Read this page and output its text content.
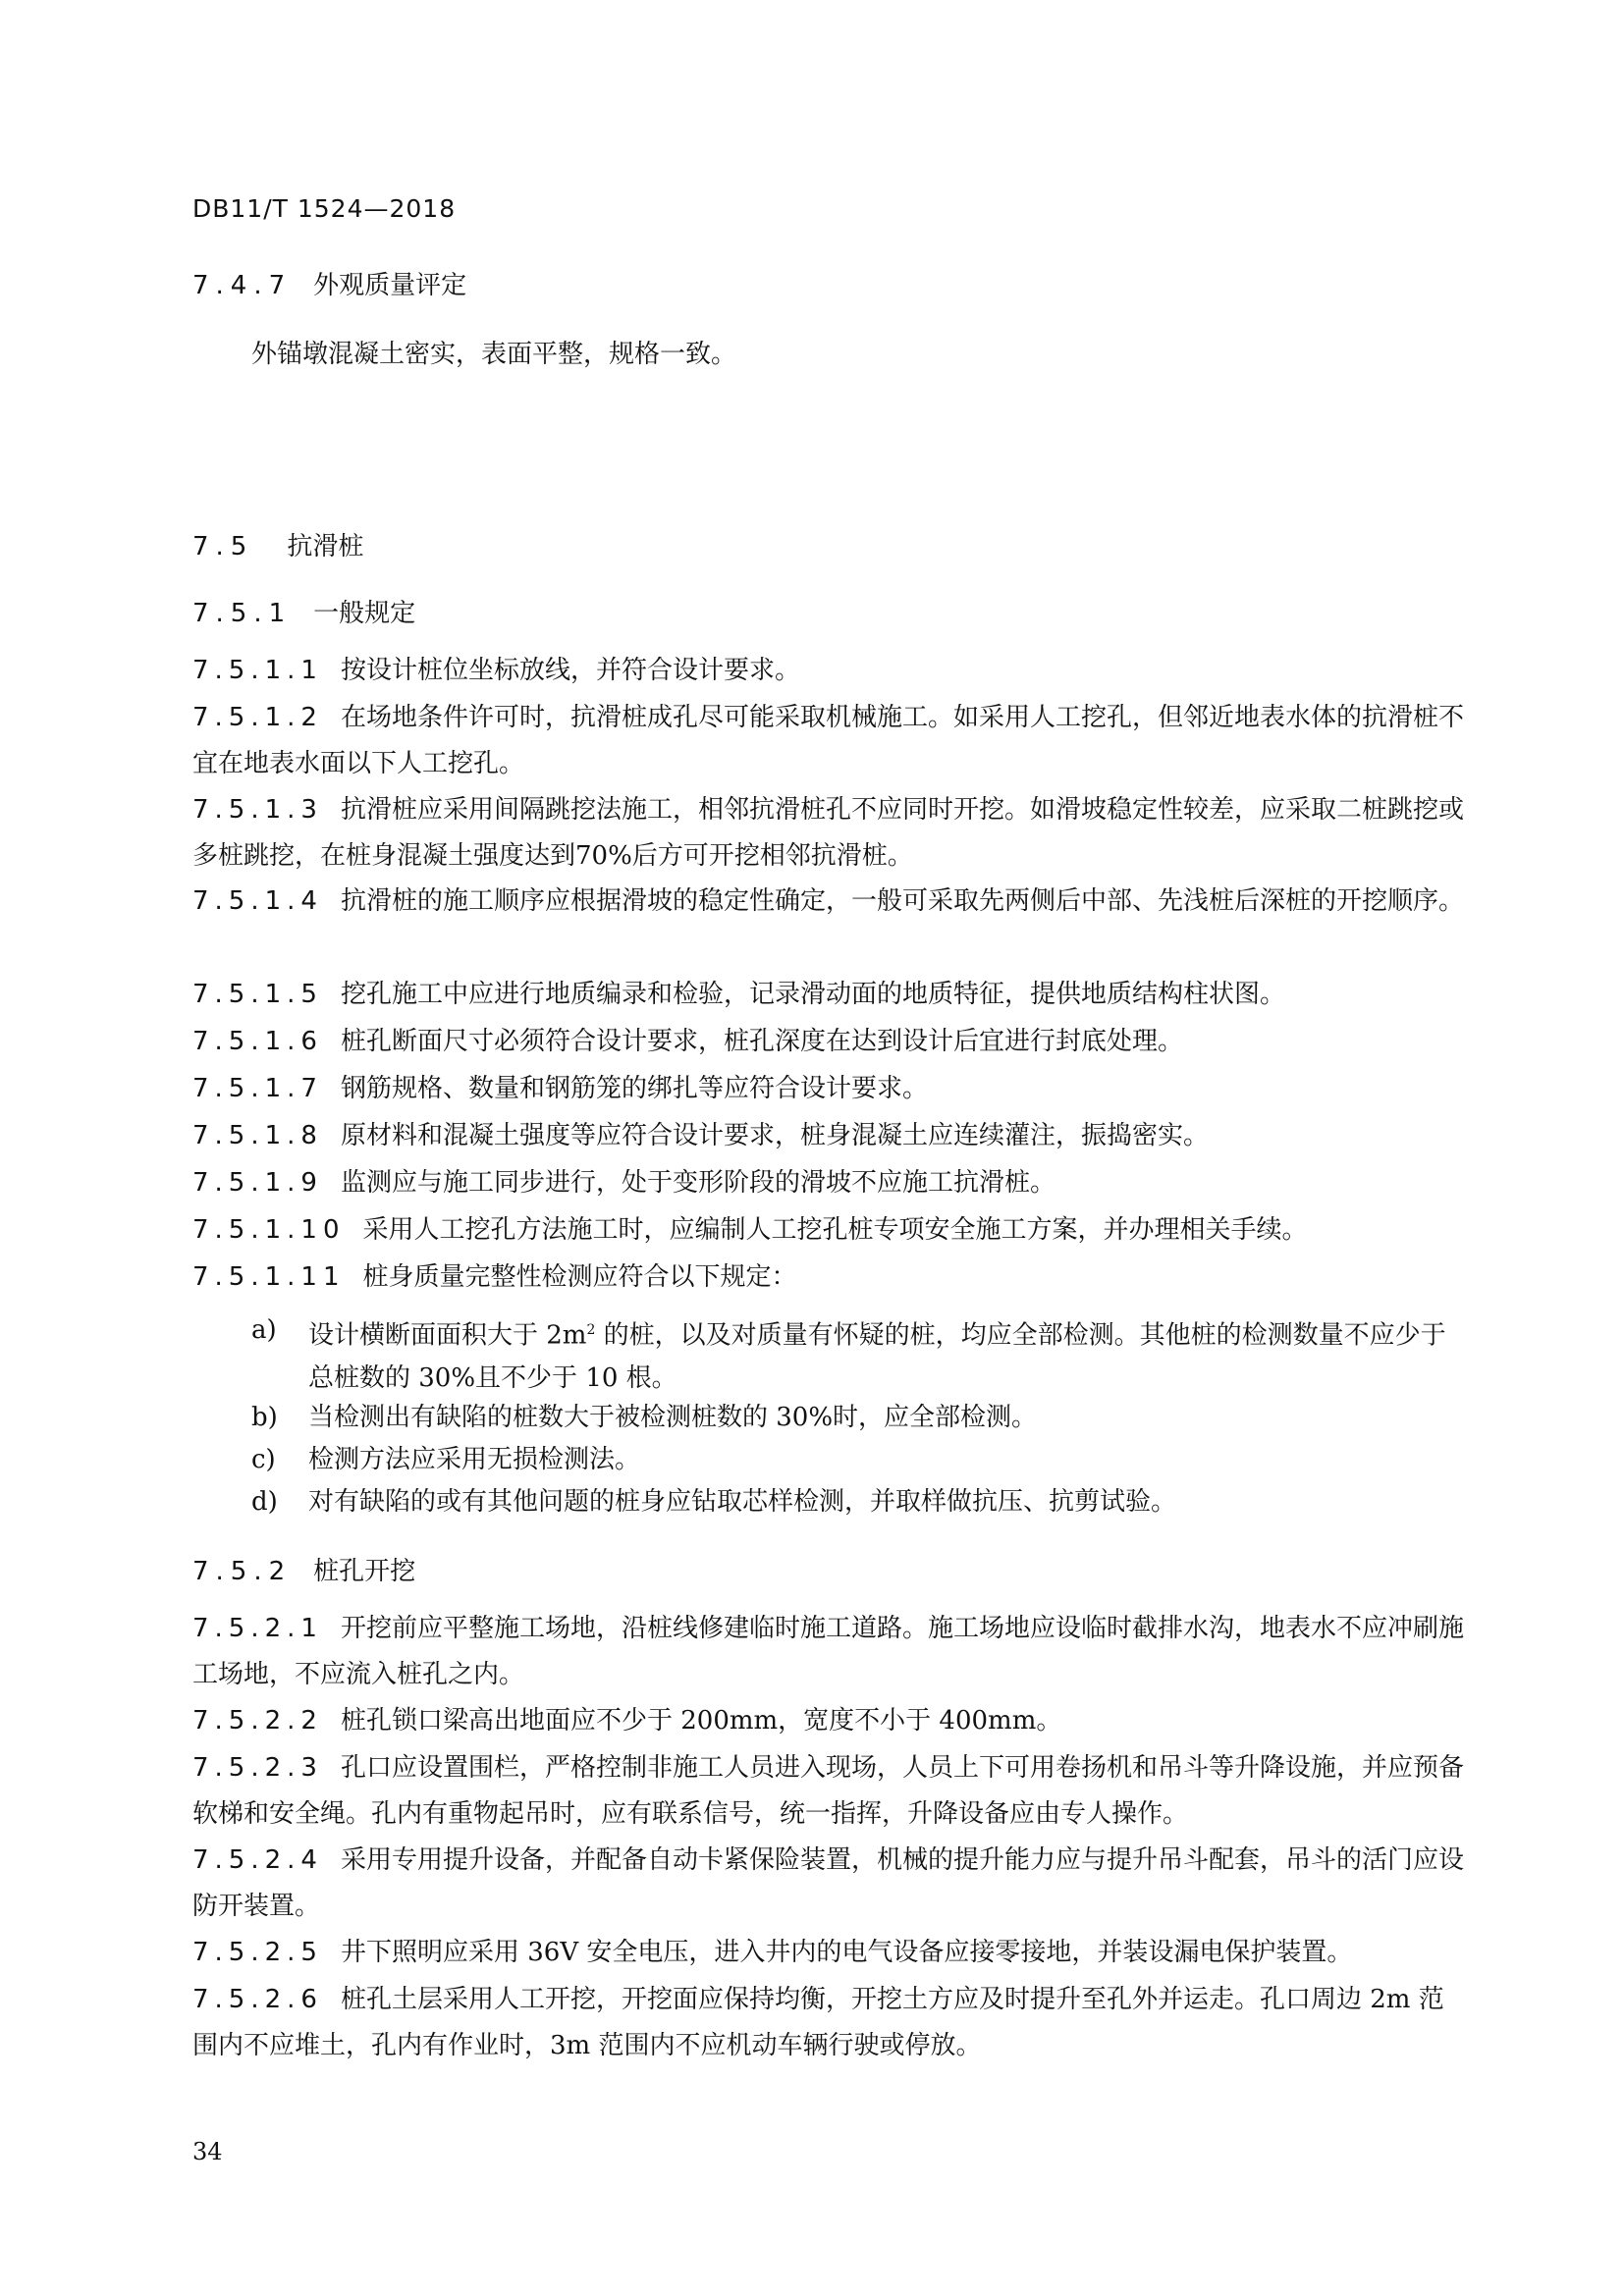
DB11/T 1524—2018
7.4.7 外观质量评定
外锚墩混凝土密实，表面平整，规格一致。
7.5 抗滑桩
7.5.1 一般规定
7.5.1.1 按设计桩位坐标放线，并符合设计要求。
7.5.1.2 在场地条件许可时，抗滑桩成孔尽可能采取机械施工。如采用人工挖孔，但邻近地表水体的抗滑桩不宜在地表水面以下人工挖孔。
7.5.1.3 抗滑桩应采用间隔跳挖法施工，相邻抗滑桩孔不应同时开挖。如滑坡稳定性较差，应采取二桩跳挖或多桩跳挖，在桩身混凝土强度达到70%后方可开挖相邻抗滑桩。
7.5.1.4 抗滑桩的施工顺序应根据滑坡的稳定性确定，一般可采取先两侧后中部、先浅桩后深桩的开挖顺序。
7.5.1.5 挖孔施工中应进行地质编录和检验，记录滑动面的地质特征，提供地质结构柱状图。
7.5.1.6 桩孔断面尺寸必须符合设计要求，桩孔深度在达到设计后宜进行封底处理。
7.5.1.7 钢筋规格、数量和钢筋笼的绑扎等应符合设计要求。
7.5.1.8 原材料和混凝土强度等应符合设计要求，桩身混凝土应连续灌注，振捣密实。
7.5.1.9 监测应与施工同步进行，处于变形阶段的滑坡不应施工抗滑桩。
7.5.1.10 采用人工挖孔方法施工时，应编制人工挖孔桩专项安全施工方案，并办理相关手续。
7.5.1.11 桩身质量完整性检测应符合以下规定：
a) 设计横断面面积大于 $2m^2$ 的桩，以及对质量有怀疑的桩，均应全部检测。其他桩的检测数量不应少于总桩数的 30%且不少于 10 根。
b) 当检测出有缺陷的桩数大于被检测桩数的 30%时，应全部检测。
c) 检测方法应采用无损检测法。
d) 对有缺陷的或有其他问题的桩身应钻取芯样检测，并取样做抗压、抗剪试验。
7.5.2 桩孔开挖
7.5.2.1 开挖前应平整施工场地，沿桩线修建临时施工道路。施工场地应设临时截排水沟，地表水不应冲刷施工场地，不应流入桩孔之内。
7.5.2.2 桩孔锁口梁高出地面应不少于 200mm，宽度不小于 400mm。
7.5.2.3 孔口应设置围栏，严格控制非施工人员进入现场，人员上下可用卷扬机和吊斗等升降设施，并应预备软梯和安全绳。孔内有重物起吊时，应有联系信号，统一指挥，升降设备应由专人操作。
7.5.2.4 采用专用提升设备，并配备自动卡紧保险装置，机械的提升能力应与提升吊斗配套，吊斗的活门应设防开装置。
7.5.2.5 井下照明应采用 36V 安全电压，进入井内的电气设备应接零接地，并装设漏电保护装置。
7.5.2.6 桩孔土层采用人工开挖，开挖面应保持均衡，开挖土方应及时提升至孔外并运走。孔口周边 2m 范围内不应堆土，孔内有作业时，3m 范围内不应机动车辆行驶或停放。
34
